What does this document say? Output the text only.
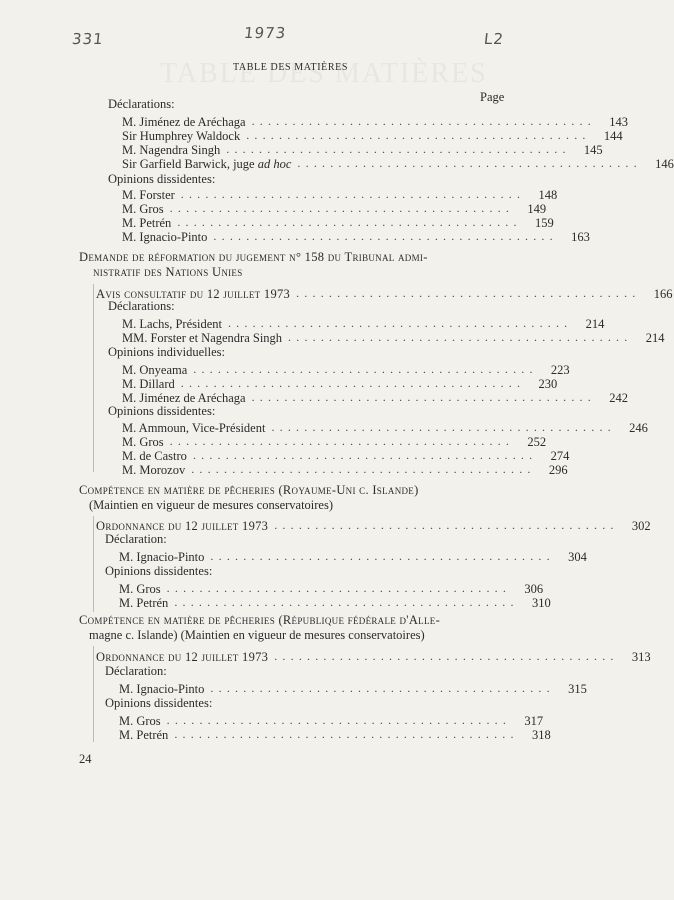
331	1973	L2
TABLE DES MATIÈRES
Page
Déclarations:
M. Jiménez de Aréchaga ..........................................	143
Sir Humphrey Waldock ..........................................	144
M. Nagendra Singh ..........................................	145
Sir Garfield Barwick, juge ad hoc ..........................................	146
Opinions dissidentes:
M. Forster ..........................................	148
M. Gros ..........................................	149
M. Petrén ..........................................	159
M. Ignacio-Pinto ..........................................	163
Demande de réformation du jugement n° 158 du Tribunal admi-
nistratif des Nations Unies
Avis consultatif du 12 juillet 1973 ..........................................	166
Déclarations:
M. Lachs, Président ..........................................	214
MM. Forster et Nagendra Singh ..........................................	214
Opinions individuelles:
M. Onyeama ..........................................	223
M. Dillard ..........................................	230
M. Jiménez de Aréchaga ..........................................	242
Opinions dissidentes:
M. Ammoun, Vice-Président ..........................................	246
M. Gros ..........................................	252
M. de Castro ..........................................	274
M. Morozov ..........................................	296
Compétence en matière de pêcheries (Royaume-Uni c. Islande)
(Maintien en vigueur de mesures conservatoires)
Ordonnance du 12 juillet 1973 ..........................................	302
Déclaration:
M. Ignacio-Pinto ..........................................	304
Opinions dissidentes:
M. Gros ..........................................	306
M. Petrén ..........................................	310
Compétence en matière de pêcheries (République fédérale d'Alle-
magne c. Islande) (Maintien en vigueur de mesures conservatoires)
Ordonnance du 12 juillet 1973 ..........................................	313
Déclaration:
M. Ignacio-Pinto ..........................................	315
Opinions dissidentes:
M. Gros ..........................................	317
M. Petrén ..........................................	318
24
